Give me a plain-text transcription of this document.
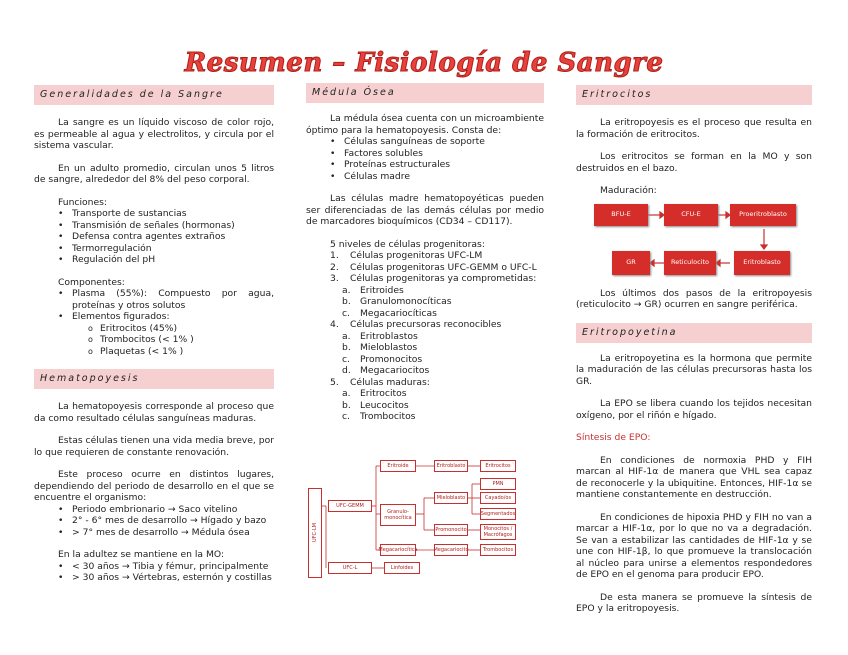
Resumen – Fisiología de Sangre
Generalidades de la Sangre

La sangre es un líquido viscoso de color rojo, es permeable al agua y electrolitos, y circula por el sistema vascular.

En un adulto promedio, circulan unos 5 litros de sangre, alrededor del 8% del peso corporal.

Funciones:

• Transporte de sustancias
• Transmisión de señales (hormonas)
• Defensa contra agentes extraños
• Termorregulación
• Regulación del pH

Componentes:

• Plasma (55%): Compuesto por agua, proteínas y otros solutos
• Elementos figurados:
o Eritrocitos (45%)
o Trombocitos (< 1% )
o Plaquetas (< 1% )
Hematopoyesis

La hematopoyesis corresponde al proceso que da como resultado células sanguíneas maduras.

Estas células tienen una vida media breve, por lo que requieren de constante renovación.

Este proceso ocurre en distintos lugares, dependiendo del periodo de desarrollo en el que se encuentre el organismo:

• Periodo embrionario → Saco vitelino
• 2° - 6° mes de desarrollo → Hígado y bazo
• > 7° mes de desarrollo → Médula ósea

En la adultez se mantiene en la MO:

• < 30 años → Tibia y fémur, principalmente
• > 30 años → Vértebras, esternón y costillas
Médula Ósea

La médula ósea cuenta con un microambiente óptimo para la hematopoyesis. Consta de:

• Células sanguíneas de soporte
• Factores solubles
• Proteínas estructurales
• Células madre

Las células madre hematopoyéticas pueden ser diferenciadas de las demás células por medio de marcadores bioquímicos (CD34 – CD117).

5 niveles de células progenitoras:

1. Células progenitoras UFC-LM
2. Células progenitoras UFC-GEMM o UFC-L
3. Células progenitoras ya comprometidas:
a. Eritroides
b. Granulomonocíticas
c. Megacariocíticas
4. Células precursoras reconocibles
a. Eritroblastos
b. Mieloblastos
c. Promonocitos
d. Megacariocitos
5. Células maduras:
a. Eritrocitos
b. Leucocitos
c. Trombocitos
UFC-LM
UFC-GEMM
UFC-L
Eritroide
Granulo-monocítica
Megacariocítica
Linfoides
Eritroblasto
Mieloblasto
Promonocito
Megacariocito
Eritrocitos
PMN
Cayado/os
Segmentados
Monocitos / Macrófagos
Trombocitos
Eritrocitos

La eritropoyesis es el proceso que resulta en la formación de eritrocitos.

Los eritrocitos se forman en la MO y son destruidos en el bazo.

Maduración:

BFU-E	CFU-E	Proeritroblasto
Eritroblasto
Reticulocito
GR

Los últimos dos pasos de la eritropoyesis (reticulocito → GR) ocurren en sangre periférica.

Eritropoyetina

La eritropoyetina es la hormona que permite la maduración de las células precursoras hasta los GR.

La EPO se libera cuando los tejidos necesitan oxígeno, por el riñón e hígado.

Síntesis de EPO:

En condiciones de normoxia PHD y FIH marcan al HIF-1α de manera que VHL sea capaz de reconocerle y la ubiquitine. Entonces, HIF-1α se mantiene constantemente en destrucción.

En condiciones de hipoxia PHD y FIH no van a marcar a HIF-1α, por lo que no va a degradación. Se van a estabilizar las cantidades de HIF-1α y se une con HIF-1β, lo que promueve la translocación al núcleo para unirse a elementos respondedores de EPO en el genoma para producir EPO.

De esta manera se promueve la síntesis de EPO y la eritropoyesis.
